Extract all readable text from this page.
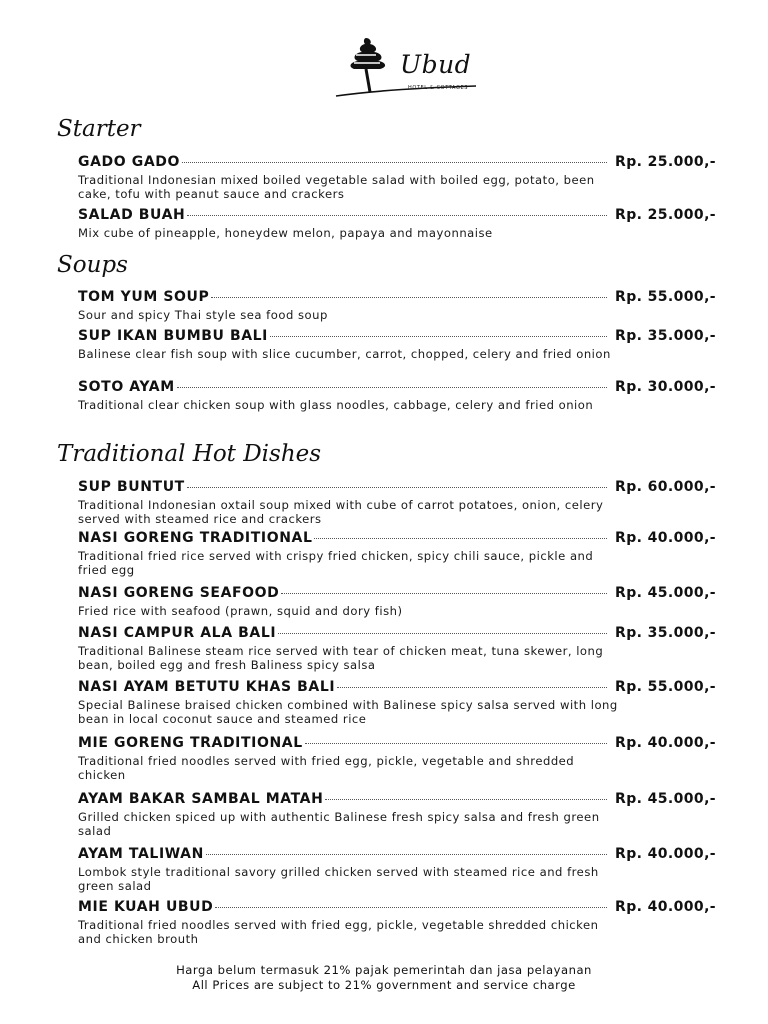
Ubud
HOTEL & COTTAGES
Starter
GADO GADO	Rp. 25.000,-
Traditional Indonesian mixed boiled vegetable salad with boiled egg, potato, been cake, tofu with peanut sauce and crackers
SALAD BUAH	Rp. 25.000,-
Mix cube of pineapple, honeydew melon, papaya and mayonnaise
Soups
TOM YUM SOUP	Rp. 55.000,-
Sour and spicy Thai style sea food soup
SUP IKAN BUMBU BALI	Rp. 35.000,-
Balinese clear fish soup with slice cucumber, carrot, chopped, celery and fried onion
SOTO AYAM	Rp. 30.000,-
Traditional clear chicken soup with glass noodles, cabbage, celery and fried onion
Traditional Hot Dishes
SUP BUNTUT	Rp. 60.000,-
Traditional Indonesian oxtail soup mixed with cube of carrot potatoes, onion, celery served with steamed rice and crackers
NASI GORENG TRADITIONAL	Rp. 40.000,-
Traditional fried rice served with crispy fried chicken, spicy chili sauce, pickle and fried egg
NASI GORENG SEAFOOD	Rp. 45.000,-
Fried rice with seafood (prawn, squid and dory fish)
NASI CAMPUR ALA BALI	Rp. 35.000,-
Traditional Balinese steam rice served with tear of chicken meat, tuna skewer, long bean, boiled egg and fresh Baliness spicy salsa
NASI AYAM BETUTU KHAS BALI	Rp. 55.000,-
Special Balinese braised chicken combined with Balinese spicy salsa served with long bean in local coconut sauce and steamed rice
MIE GORENG TRADITIONAL	Rp. 40.000,-
Traditional fried noodles served with fried egg, pickle, vegetable and shredded chicken
AYAM BAKAR SAMBAL MATAH	Rp. 45.000,-
Grilled chicken spiced up with authentic Balinese fresh spicy salsa and fresh green salad
AYAM TALIWAN	Rp. 40.000,-
Lombok style traditional savory grilled chicken served with steamed rice and fresh green salad
MIE KUAH UBUD	Rp. 40.000,-
Traditional fried noodles served with fried egg, pickle, vegetable shredded chicken and chicken brouth
Harga belum termasuk 21% pajak pemerintah dan jasa pelayanan
All Prices are subject to 21% government and service charge
